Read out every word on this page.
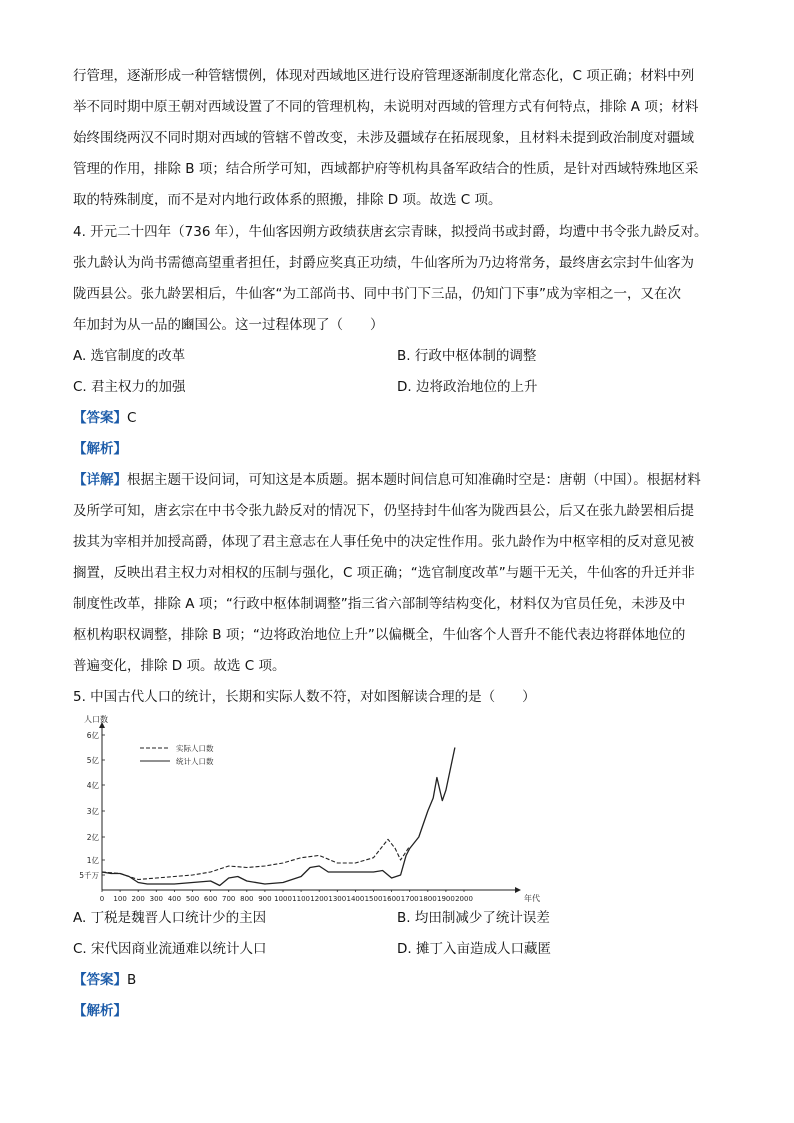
行管理，逐渐形成一种管辖惯例，体现对西域地区进行设府管理逐渐制度化常态化，C 项正确；材料中列
举不同时期中原王朝对西域设置了不同的管理机构，未说明对西域的管理方式有何特点，排除 A 项；材料
始终围绕两汉不同时期对西域的管辖不曾改变，未涉及疆域存在拓展现象，且材料未提到政治制度对疆域
管理的作用，排除 B 项；结合所学可知，西域都护府等机构具备军政结合的性质，是针对西域特殊地区采
取的特殊制度，而不是对内地行政体系的照搬，排除 D 项。故选 C 项。
4. 开元二十四年（736 年），牛仙客因朔方政绩获唐玄宗青睐，拟授尚书或封爵，均遭中书令张九龄反对。
张九龄认为尚书需德高望重者担任，封爵应奖真正功绩，牛仙客所为乃边将常务，最终唐玄宗封牛仙客为
陇西县公。张九龄罢相后，牛仙客“为工部尚书、同中书门下三品，仍知门下事”成为宰相之一，又在次
年加封为从一品的豳国公。这一过程体现了（　　）
A. 选官制度的改革	B. 行政中枢体制的调整
C. 君主权力的加强	D. 边将政治地位的上升
【答案】C
【解析】
【详解】根据主题干设问词，可知这是本质题。据本题时间信息可知准确时空是：唐朝（中国）。根据材料
及所学可知，唐玄宗在中书令张九龄反对的情况下，仍坚持封牛仙客为陇西县公，后又在张九龄罢相后提
拔其为宰相并加授高爵，体现了君主意志在人事任免中的决定性作用。张九龄作为中枢宰相的反对意见被
搁置，反映出君主权力对相权的压制与强化，C 项正确；“选官制度改革”与题干无关，牛仙客的升迁并非
制度性改革，排除 A 项；“行政中枢体制调整”指三省六部制等结构变化，材料仅为官员任免，未涉及中
枢机构职权调整，排除 B 项；“边将政治地位上升”以偏概全，牛仙客个人晋升不能代表边将群体地位的
普遍变化，排除 D 项。故选 C 项。
5. 中国古代人口的统计，长期和实际人数不符，对如图解读合理的是（　　）
人口数
年代
6亿
5亿
4亿
3亿
2亿
1亿
5千万
0 100 200 300 400 500 600 700 800 900 1000 1100 1200 1300 1400 1500 1600 1700 1800 1900 2000
实际人口数
统计人口数
A. 丁税是魏晋人口统计少的主因	B. 均田制减少了统计误差
C. 宋代因商业流通难以统计人口	D. 摊丁入亩造成人口藏匿
【答案】B
【解析】
